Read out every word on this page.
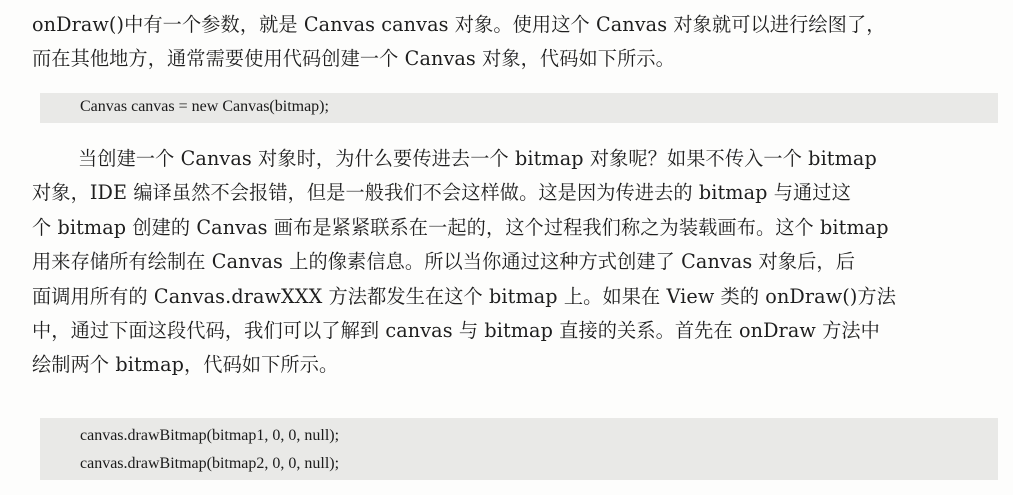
onDraw()中有一个参数，就是 Canvas canvas 对象。使用这个 Canvas 对象就可以进行绘图了，
而在其他地方，通常需要使用代码创建一个 Canvas 对象，代码如下所示。

Canvas canvas = new Canvas(bitmap);

当创建一个 Canvas 对象时，为什么要传进去一个 bitmap 对象呢？如果不传入一个 bitmap
对象，IDE 编译虽然不会报错，但是一般我们不会这样做。这是因为传进去的 bitmap 与通过这
个 bitmap 创建的 Canvas 画布是紧紧联系在一起的，这个过程我们称之为装载画布。这个 bitmap
用来存储所有绘制在 Canvas 上的像素信息。所以当你通过这种方式创建了 Canvas 对象后，后
面调用所有的 Canvas.drawXXX 方法都发生在这个 bitmap 上。如果在 View 类的 onDraw()方法
中，通过下面这段代码，我们可以了解到 canvas 与 bitmap 直接的关系。首先在 onDraw 方法中
绘制两个 bitmap，代码如下所示。

canvas.drawBitmap(bitmap1, 0, 0, null);
canvas.drawBitmap(bitmap2, 0, 0, null);
